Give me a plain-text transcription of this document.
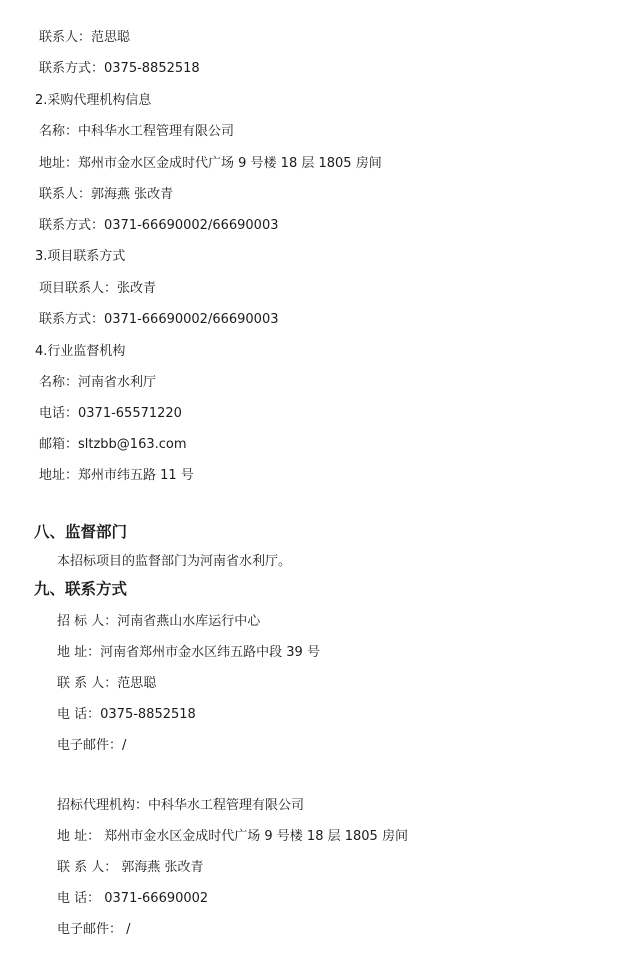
联系人：范思聪
联系方式：0375-8852518
2.采购代理机构信息
名称：中科华水工程管理有限公司
地址：郑州市金水区金成时代广场 9 号楼 18 层 1805 房间
联系人：郭海燕 张改青
联系方式：0371-66690002/66690003
3.项目联系方式
项目联系人：张改青
联系方式：0371-66690002/66690003
4.行业监督机构
名称：河南省水利厅
电话：0371-65571220
邮箱：sltzbb@163.com
地址：郑州市纬五路 11 号
八、监督部门
本招标项目的监督部门为河南省水利厅。
九、联系方式
招 标 人：河南省燕山水库运行中心
地 址：河南省郑州市金水区纬五路中段 39 号
联 系 人：范思聪
电 话：0375-8852518
电子邮件：/
招标代理机构：中科华水工程管理有限公司
地 址： 郑州市金水区金成时代广场 9 号楼 18 层 1805 房间
联 系 人： 郭海燕 张改青
电 话： 0371-66690002
电子邮件： /
